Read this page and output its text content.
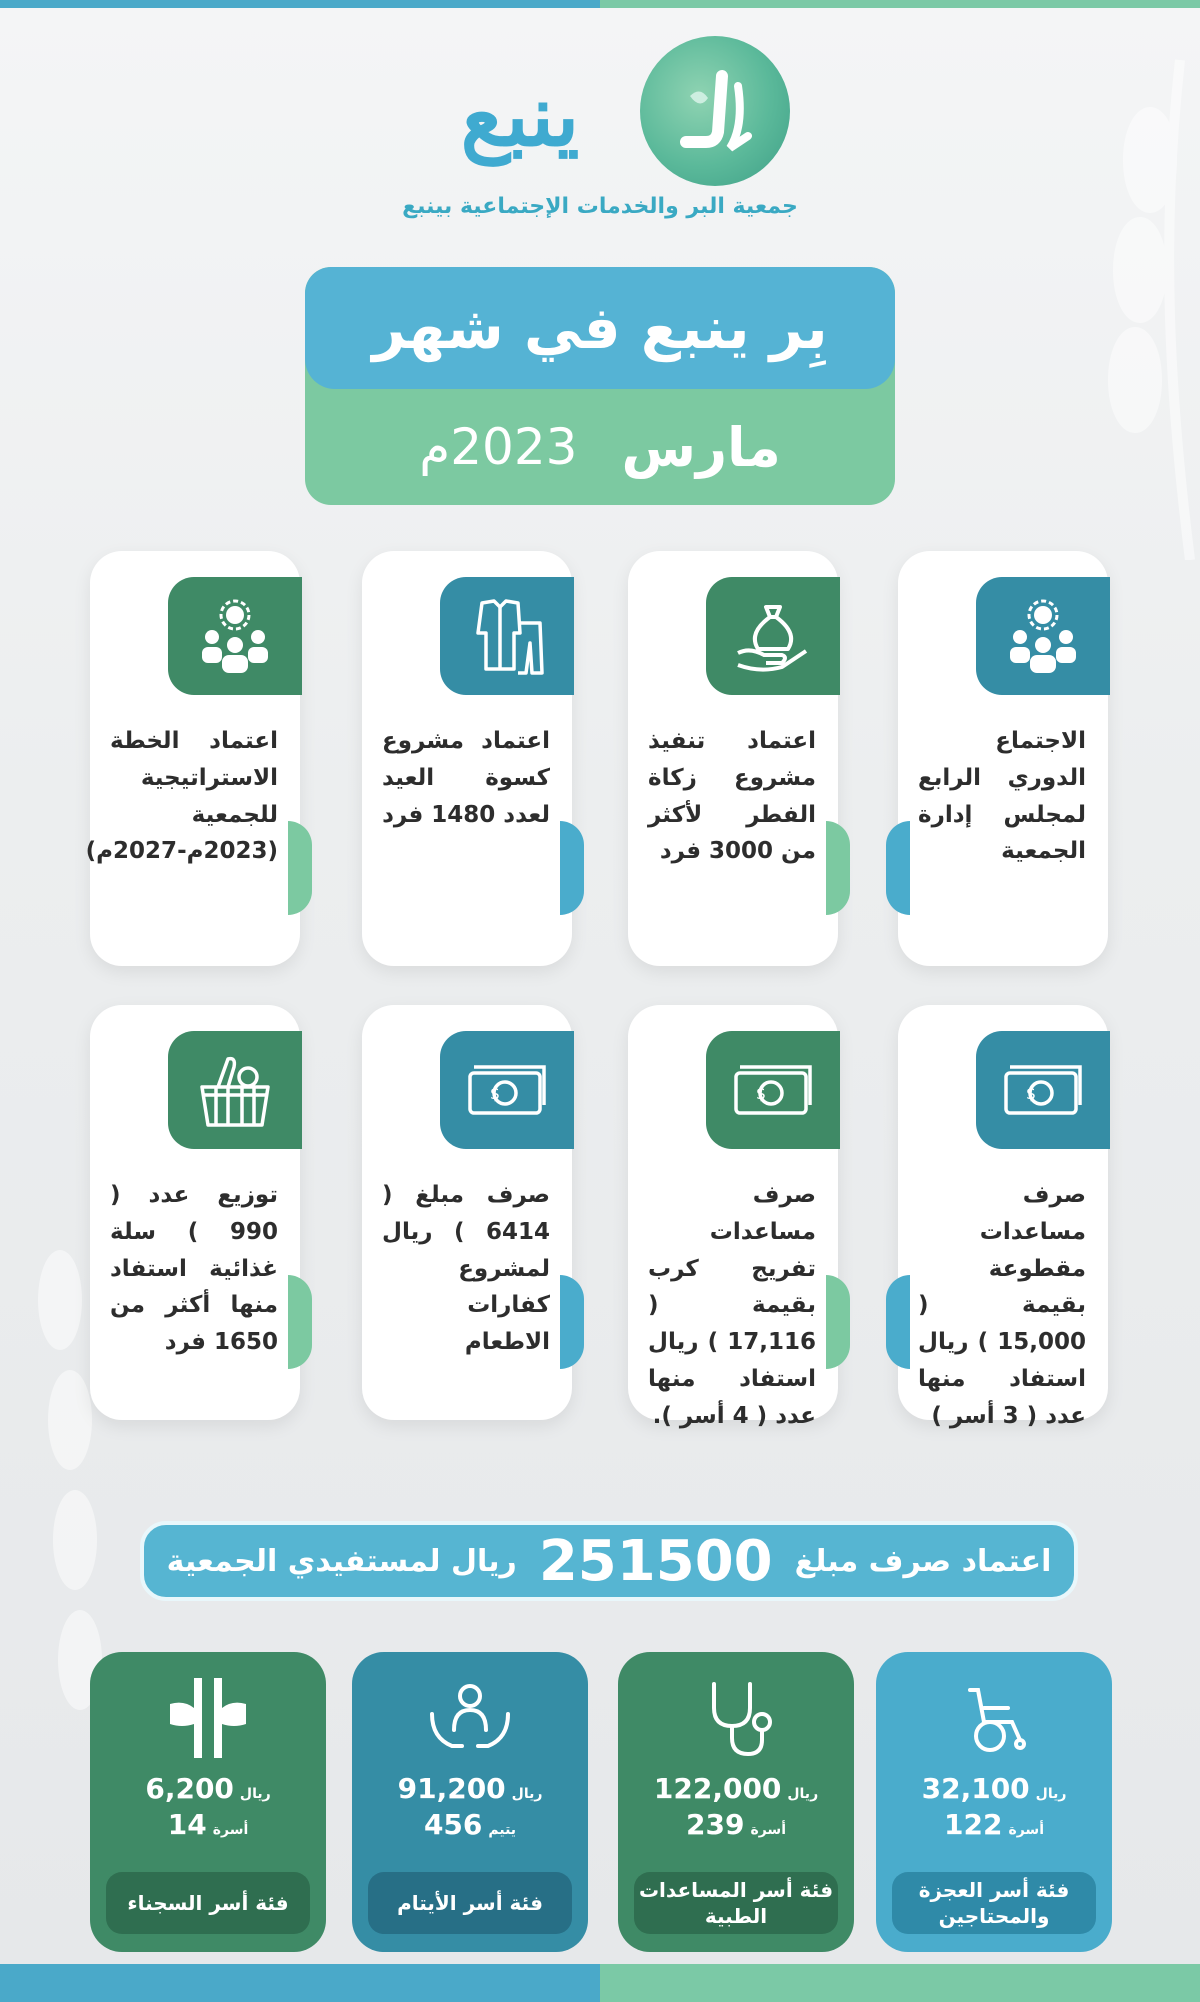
ينبع
جمعية البر والخدمات الإجتماعية بينبع
بِر ينبع في شهر
مارس
2023م
الاجتماع الدوري الرابع لمجلس إدارة الجمعية
اعتماد تنفيذ مشروع زكاة الفطر لأكثر من 3000 فرد
اعتماد مشروع كسوة العيد لعدد 1480 فرد
اعتماد الخطة الاستراتيجية للجمعية (2023م-2027م)
$
صرف مساعدات مقطوعة بقيمة ( 15,000 ) ريال استفاد منها عدد ( 3 أسر )
$
صرف مساعدات تفريج كرب بقيمة ( 17,116 ) ريال استفاد منها عدد ( 4 أسر ).
$
صرف مبلغ ( 6414 ) ريال لمشروع كفارات الاطعام
توزيع عدد ( 990 ) سلة غذائية استفاد منها أكثر من 1650 فرد
اعتماد صرف مبلغ
251500
ريال لمستفيدي الجمعية
ريال
32,100
أسرة
122
فئة أسر العجزة والمحتاجين
ريال
122,000
أسرة
239
فئة أسر المساعدات الطبية
ريال
91,200
يتيم
456
فئة أسر الأيتام
ريال
6,200
أسرة
14
فئة أسر السجناء
